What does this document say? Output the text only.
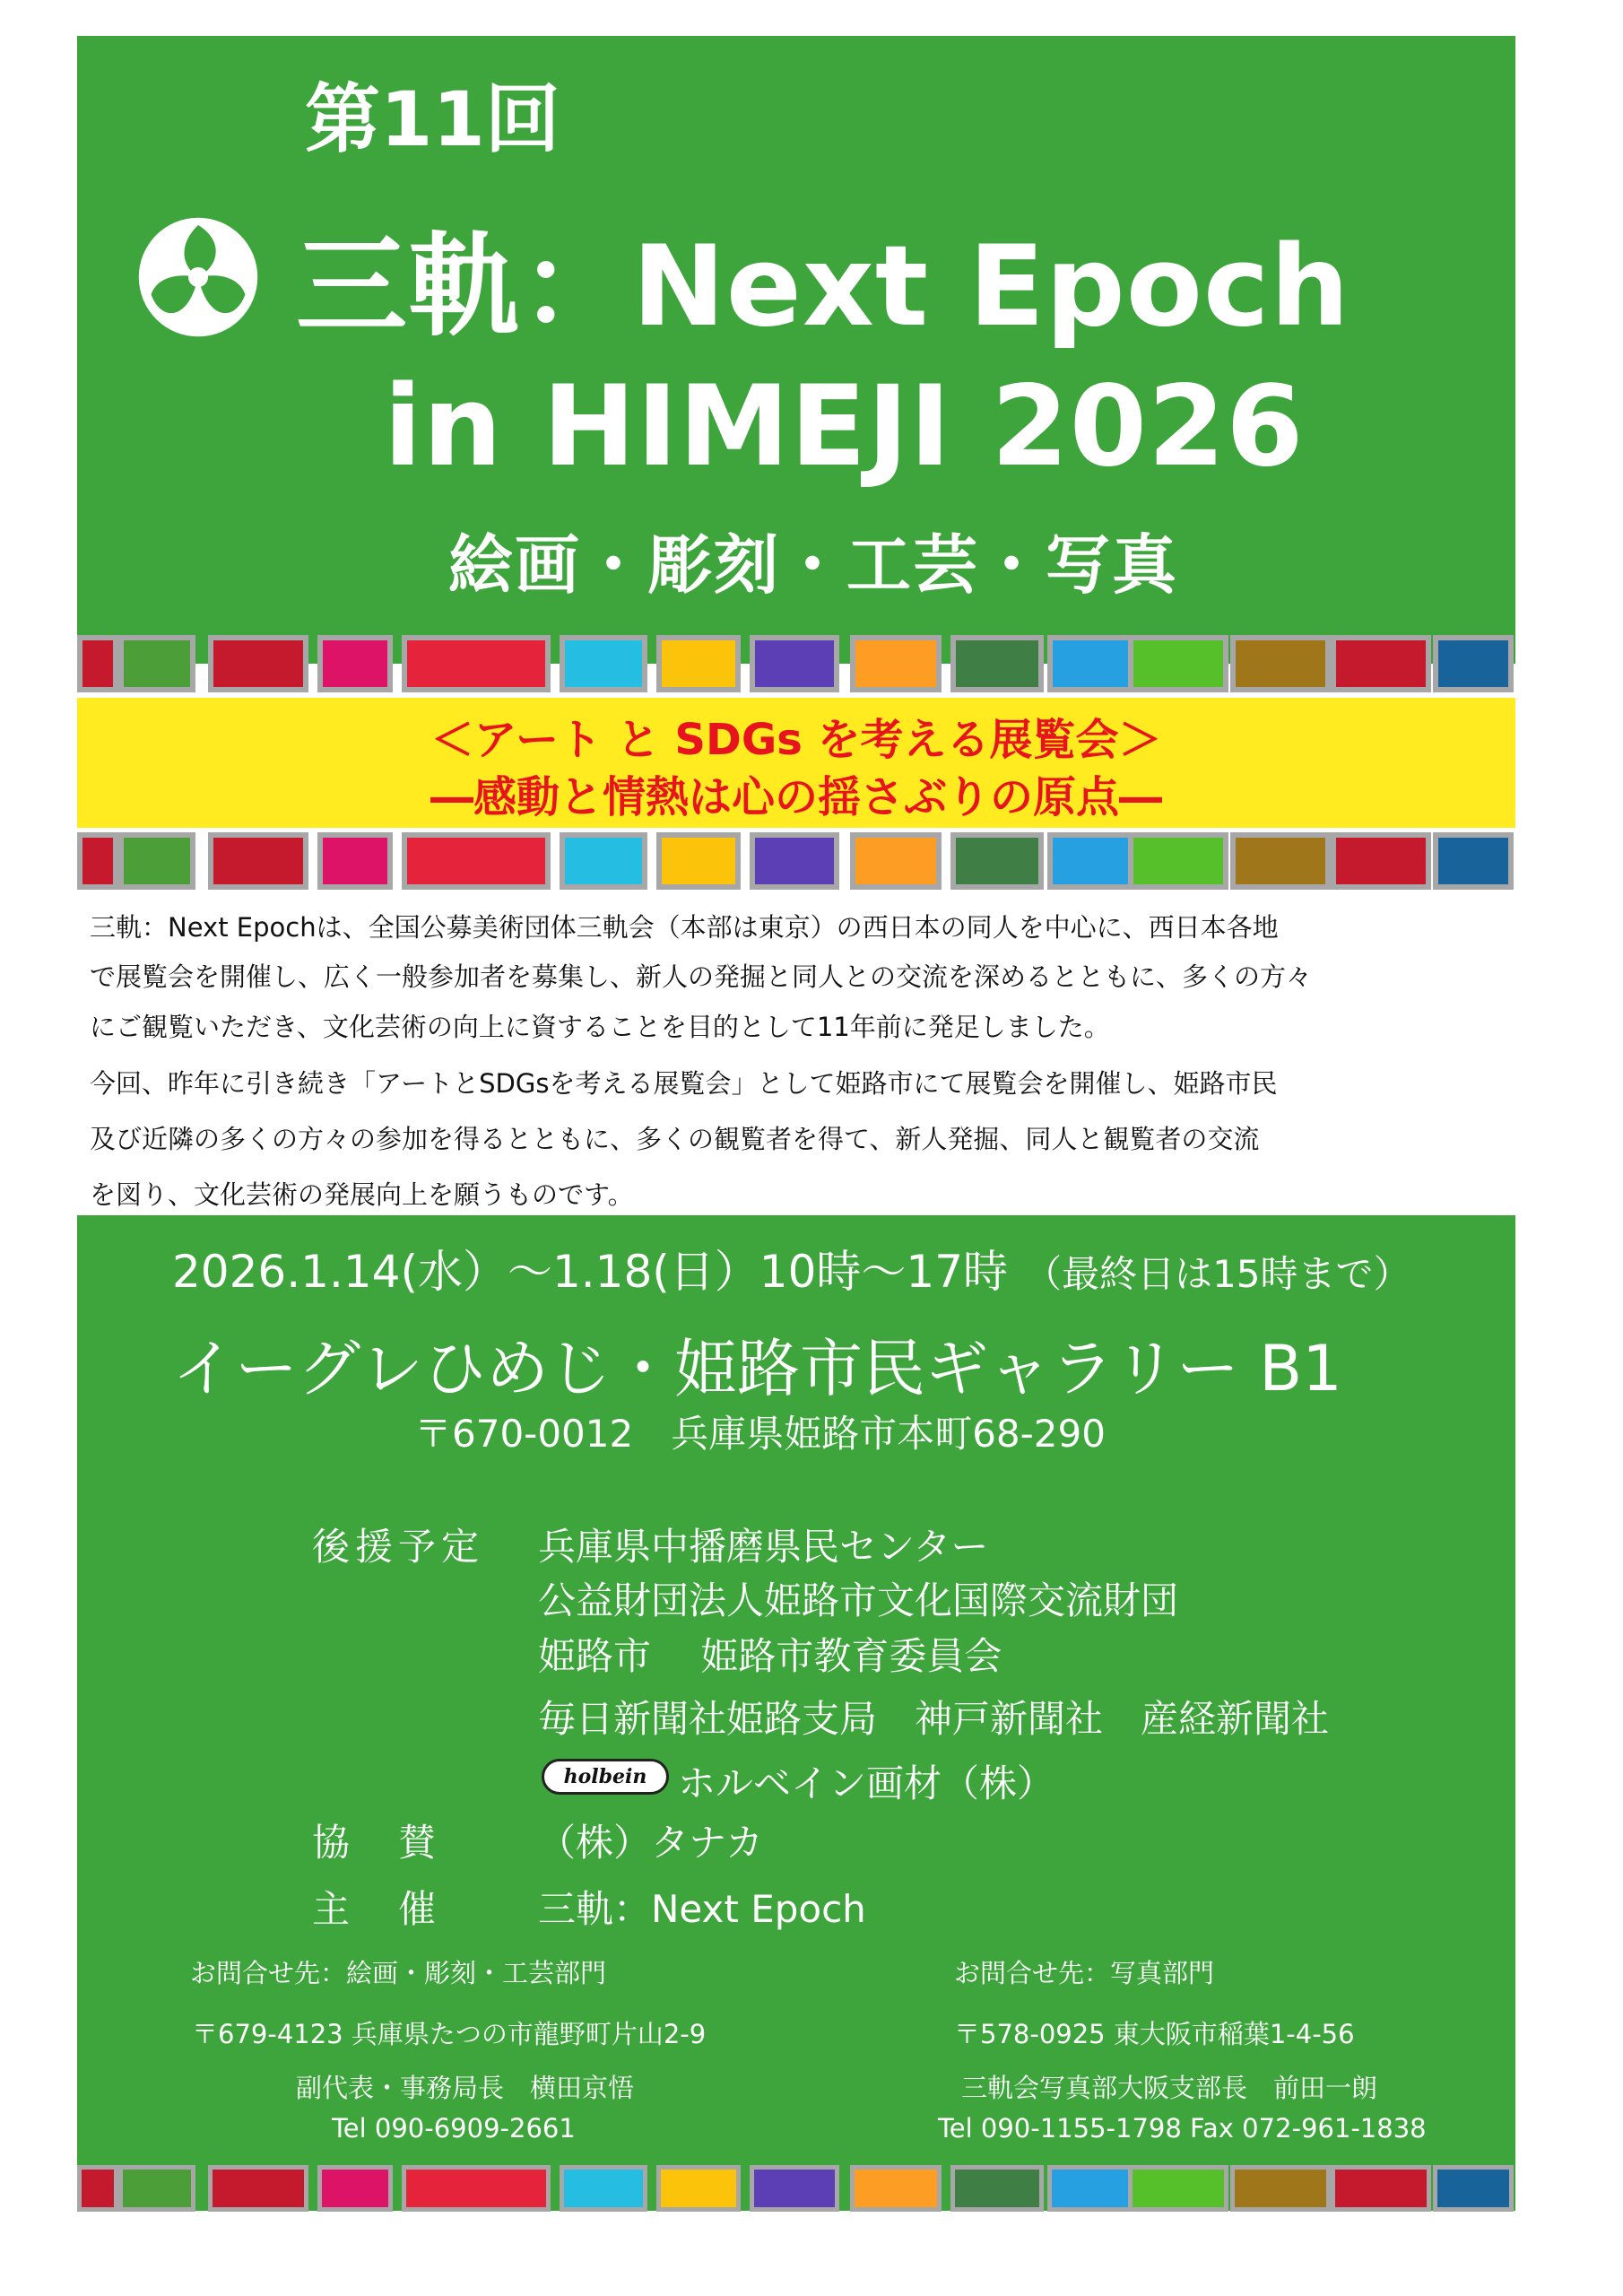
第11回
三軌：Next Epoch
in HIMEJI 2026
絵画・彫刻・工芸・写真
＜アート と SDGs を考える展覧会＞
―感動と情熱は心の揺さぶりの原点―
三軌：Next Epochは、全国公募美術団体三軌会（本部は東京）の西日本の同人を中心に、西日本各地
で展覧会を開催し、広く一般参加者を募集し、新人の発掘と同人との交流を深めるとともに、多くの方々
にご観覧いただき、文化芸術の向上に資することを目的として11年前に発足しました。
今回、昨年に引き続き「アートとSDGsを考える展覧会」として姫路市にて展覧会を開催し、姫路市民
及び近隣の多くの方々の参加を得るとともに、多くの観覧者を得て、新人発掘、同人と観覧者の交流
を図り、文化芸術の発展向上を願うものです。
2026.1.14(水）～1.18(日）10時～17時 （最終日は15時まで）
イーグレひめじ・姫路市民ギャラリー B1
〒670-0012　兵庫県姫路市本町68-290
後援予定 兵庫県中播磨県民センター
公益財団法人姫路市文化国際交流財団
姫路市　 姫路市教育委員会
毎日新聞社姫路支局　神戸新聞社　産経新聞社
holbein ホルベイン画材（株）
協　賛	（株）タナカ
主　催	三軌：Next Epoch
お問合せ先：絵画・彫刻・工芸部門
〒679-4123 兵庫県たつの市龍野町片山2-9
副代表・事務局長　横田京悟
Tel 090-6909-2661
お問合せ先：写真部門
〒578-0925 東大阪市稲葉1-4-56
三軌会写真部大阪支部長　前田一朗
Tel 090-1155-1798 Fax 072-961-1838
